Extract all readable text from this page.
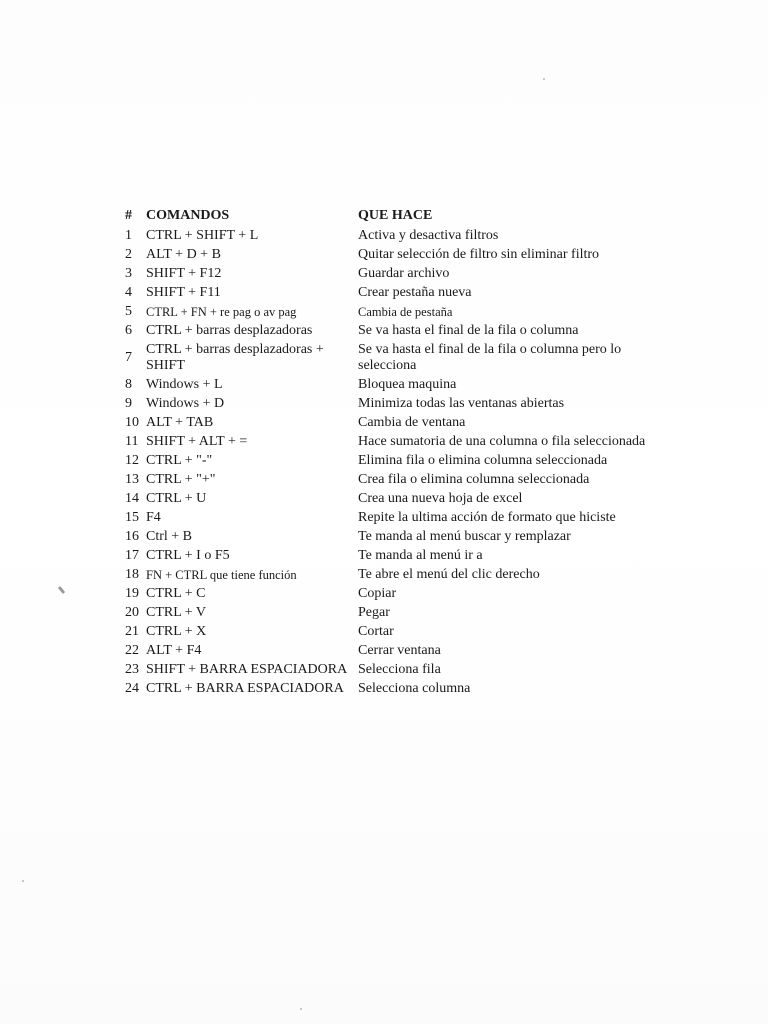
#	COMANDOS	QUE HACE
1	CTRL + SHIFT + L	Activa y desactiva filtros
2	ALT + D + B	Quitar selección de filtro sin eliminar filtro
3	SHIFT + F12	Guardar archivo
4	SHIFT + F11	Crear pestaña nueva
5	CTRL + FN + re pag o av pag	Cambia de pestaña
6	CTRL + barras desplazadoras	Se va hasta el final de la fila o columna
7	CTRL + barras desplazadoras + SHIFT	Se va hasta el final de la fila o columna pero lo selecciona
8	Windows + L	Bloquea maquina
9	Windows + D	Minimiza todas las ventanas abiertas
10	ALT + TAB	Cambia de ventana
11	SHIFT + ALT + =	Hace sumatoria de una columna o fila seleccionada
12	CTRL + "-"	Elimina fila o elimina columna seleccionada
13	CTRL + "+"	Crea fila o elimina columna seleccionada
14	CTRL + U	Crea una nueva hoja de excel
15	F4	Repite la ultima acción de formato que hiciste
16	Ctrl + B	Te manda al menú buscar y remplazar
17	CTRL + I o F5	Te manda al menú ir a
18	FN + CTRL que tiene función	Te abre el menú del clic derecho
19	CTRL + C	Copiar
20	CTRL + V	Pegar
21	CTRL + X	Cortar
22	ALT + F4	Cerrar ventana
23	SHIFT + BARRA ESPACIADORA	Selecciona fila
24	CTRL + BARRA ESPACIADORA	Selecciona columna
